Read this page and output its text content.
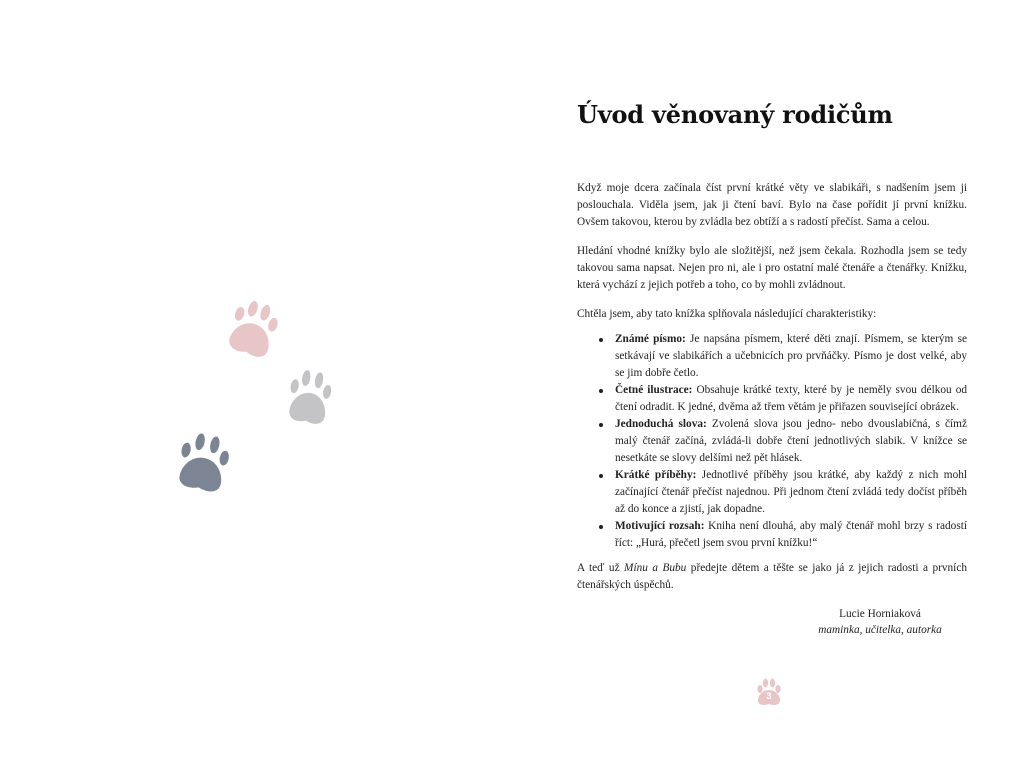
Úvod věnovaný rodičům

Když moje dcera začínala číst první krátké věty ve slabikáři, s nadšením jsem ji poslouchala. Viděla jsem, jak ji čtení baví. Bylo na čase pořídit jí první knížku. Ovšem takovou, kterou by zvládla bez obtíží a s radostí přečíst. Sama a celou.

Hledání vhodné knížky bylo ale složitější, než jsem čekala. Rozhodla jsem se tedy takovou sama napsat. Nejen pro ni, ale i pro ostatní malé čtenáře a čtenářky. Knížku, která vychází z jejich potřeb a toho, co by mohli zvládnout.

Chtěla jsem, aby tato knížka splňovala následující charakteristiky:

Známé písmo: Je napsána písmem, které děti znají. Písmem, se kterým se setkávají ve slabikářích a učebnicích pro prvňáčky. Písmo je dost velké, aby se jim dobře četlo.
Četné ilustrace: Obsahuje krátké texty, které by je neměly svou délkou od čtení odradit. K jedné, dvěma až třem větám je přiřazen související obrázek.
Jednoduchá slova: Zvolená slova jsou jedno- nebo dvouslabičná, s čímž malý čtenář začíná, zvládá-li dobře čtení jednotlivých slabik. V knížce se nesetkáte se slovy delšími než pět hlásek.
Krátké příběhy: Jednotlivé příběhy jsou krátké, aby každý z nich mohl začínající čtenář přečíst najednou. Při jednom čtení zvládá tedy dočíst příběh až do konce a zjistí, jak dopadne.
Motivující rozsah: Kniha není dlouhá, aby malý čtenář mohl brzy s radostí říct: „Hurá, přečetl jsem svou první knížku!“

A teď už Mínu a Bubu předejte dětem a těšte se jako já z jejich radosti a prvních čtenářských úspěchů.

Lucie Horniaková
maminka, učitelka, autorka
3
